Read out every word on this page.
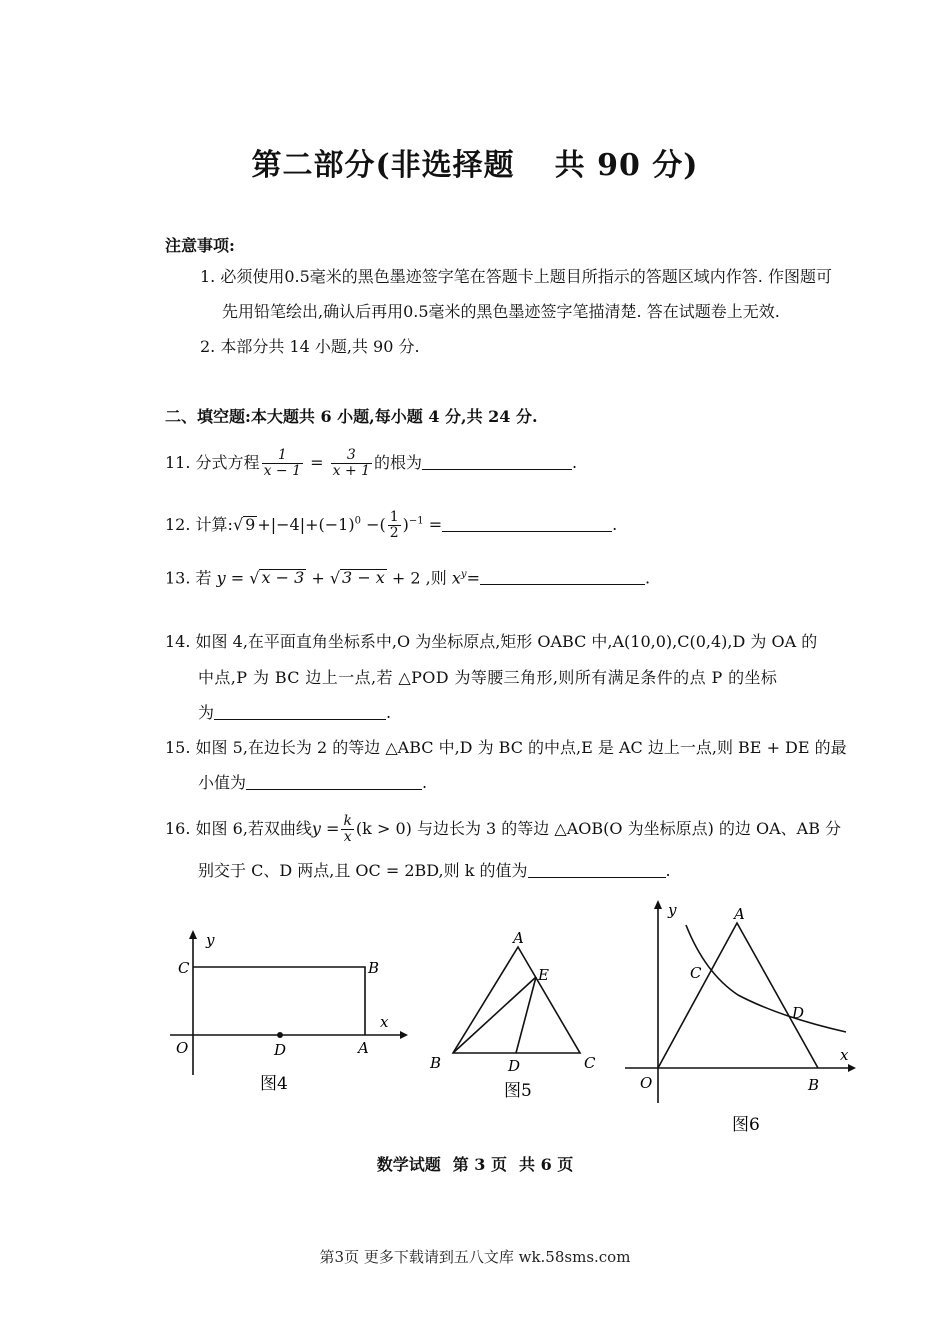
第二部分(非选择题 共 90 分)
注意事项:
1. 必须使用0.5毫米的黑色墨迹签字笔在答题卡上题目所指示的答题区域内作答. 作图题可
先用铅笔绘出,确认后再用0.5毫米的黑色墨迹签字笔描清楚. 答在试题卷上无效.
2. 本部分共 14 小题,共 90 分.
二、填空题:本大题共 6 小题,每小题 4 分,共 24 分.
11. 分式方程 $\frac{1}{x - 1} = \frac{3}{x + 1}$ 的根为	.
12. 计算:√ $9 +|-4|+(-1)^0$ −( $\frac{1}{2} )^{-1}$ =	.
13. 若 y = √ x − 3 + √ 3 − x + 2 ,则 $x^y=$	.
14. 如图 4,在平面直角坐标系中,O 为坐标原点,矩形 OABC 中,A(10,0),C(0,4),D 为 OA 的
中点,P 为 BC 边上一点,若 △POD 为等腰三角形,则所有满足条件的点 P 的坐标
为	.
15. 如图 5,在边长为 2 的等边 △ABC 中,D 为 BC 的中点,E 是 AC 边上一点,则 BE + DE 的最
小值为	.
16. 如图 6,若双曲线$y = \frac{k}{x} (k > 0)$ 与边长为 3 的等边 △AOB(O 为坐标原点) 的边 OA、AB 分
别交于 C、D 两点,且 OC = 2BD,则 k 的值为	.
y
x
C	B
O	D	A
图4
A
E
B	D	C
图5
y
x
A
C
D
O	B
图6
数学试题 第 3 页 共 6 页
第3页 更多下载请到五八文库 wk.58sms.com
